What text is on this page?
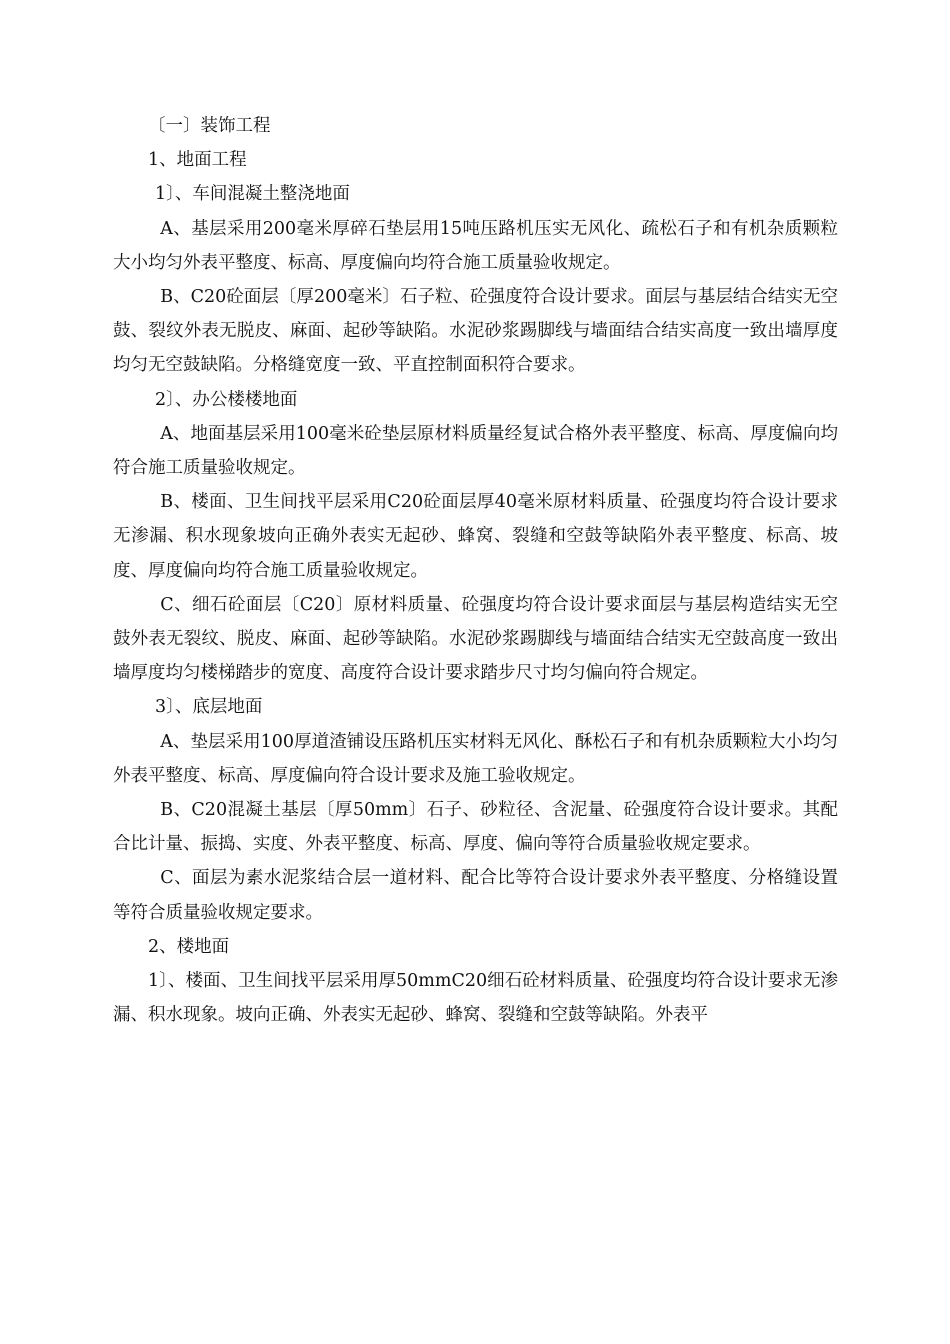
〔一〕装饰工程

1、地面工程

1〕、车间混凝土整浇地面

A、基层采用200毫米厚碎石垫层用15吨压路机压实无风化、疏松石子和有机杂质颗粒大小均匀外表平整度、标高、厚度偏向均符合施工质量验收规定。

B、C20砼面层〔厚200毫米〕石子粒、砼强度符合设计要求。面层与基层结合结实无空鼓、裂纹外表无脱皮、麻面、起砂等缺陷。水泥砂浆踢脚线与墙面结合结实高度一致出墙厚度均匀无空鼓缺陷。分格缝宽度一致、平直控制面积符合要求。

2〕、办公楼楼地面

A、地面基层采用100毫米砼垫层原材料质量经复试合格外表平整度、标高、厚度偏向均符合施工质量验收规定。

B、楼面、卫生间找平层采用C20砼面层厚40毫米原材料质量、砼强度均符合设计要求无渗漏、积水现象坡向正确外表实无起砂、蜂窝、裂缝和空鼓等缺陷外表平整度、标高、坡度、厚度偏向均符合施工质量验收规定。

C、细石砼面层〔C20〕原材料质量、砼强度均符合设计要求面层与基层构造结实无空鼓外表无裂纹、脱皮、麻面、起砂等缺陷。水泥砂浆踢脚线与墙面结合结实无空鼓高度一致出墙厚度均匀楼梯踏步的宽度、高度符合设计要求踏步尺寸均匀偏向符合规定。

3〕、底层地面

A、垫层采用100厚道渣铺设压路机压实材料无风化、酥松石子和有机杂质颗粒大小均匀外表平整度、标高、厚度偏向符合设计要求及施工验收规定。

B、C20混凝土基层〔厚50mm〕石子、砂粒径、含泥量、砼强度符合设计要求。其配合比计量、振捣、实度、外表平整度、标高、厚度、偏向等符合质量验收规定要求。

C、面层为素水泥浆结合层一道材料、配合比等符合设计要求外表平整度、分格缝设置等符合质量验收规定要求。

2、楼地面

1〕、楼面、卫生间找平层采用厚50mmC20细石砼材料质量、砼强度均符合设计要求无渗漏、积水现象。坡向正确、外表实无起砂、蜂窝、裂缝和空鼓等缺陷。外表平
